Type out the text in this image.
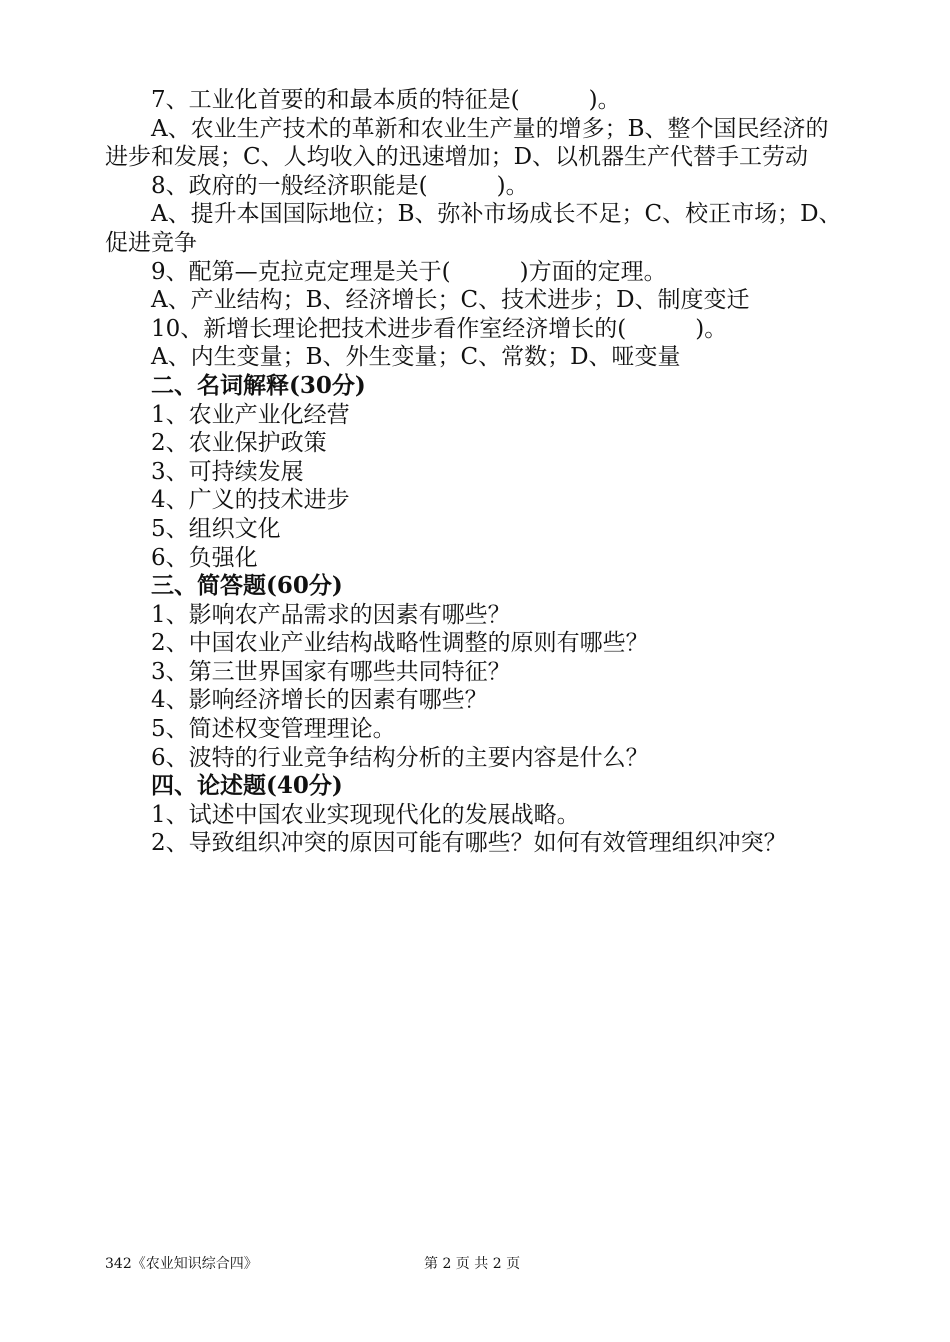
7、工业化首要的和最本质的特征是(　　　)。

A、农业生产技术的革新和农业生产量的增多；B、整个国民经济的进步和发展；C、人均收入的迅速增加；D、以机器生产代替手工劳动

8、政府的一般经济职能是(　　　)。

A、提升本国国际地位；B、弥补市场成长不足；C、校正市场；D、促进竞争

9、配第—克拉克定理是关于(　　　)方面的定理。

A、产业结构；B、经济增长；C、技术进步；D、制度变迁

10、新增长理论把技术进步看作室经济增长的(　　　)。

A、内生变量；B、外生变量；C、常数；D、哑变量

二、名词解释(30分)

1、农业产业化经营

2、农业保护政策

3、可持续发展

4、广义的技术进步

5、组织文化

6、负强化

三、简答题(60分)

1、影响农产品需求的因素有哪些？

2、中国农业产业结构战略性调整的原则有哪些？

3、第三世界国家有哪些共同特征？

4、影响经济增长的因素有哪些？

5、简述权变管理理论。

6、波特的行业竞争结构分析的主要内容是什么？

四、论述题(40分)

1、试述中国农业实现现代化的发展战略。

2、导致组织冲突的原因可能有哪些？如何有效管理组织冲突？

342《农业知识综合四》	第 2 页 共 2 页
